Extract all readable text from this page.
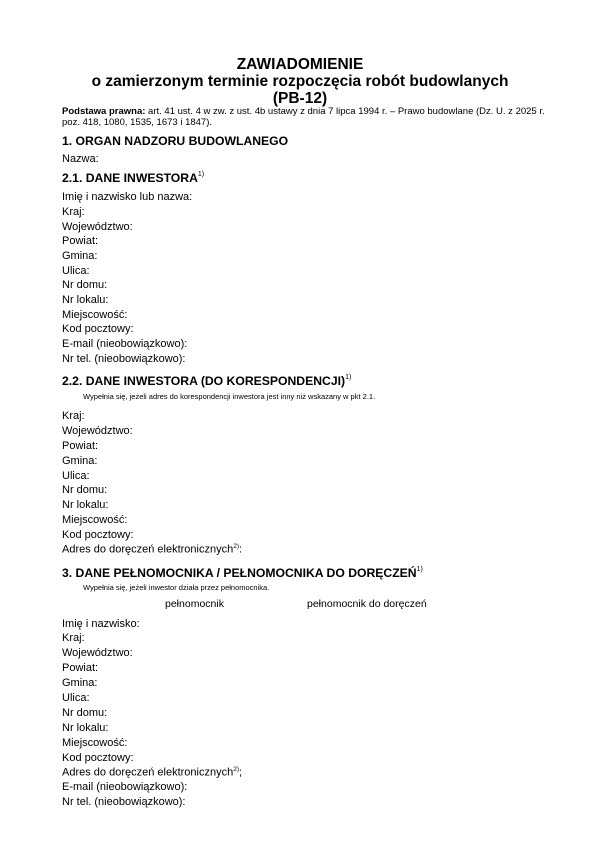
ZAWIADOMIENIE
o zamierzonym terminie rozpoczęcia robót budowlanych
(PB-12)
Podstawa prawna: art. 41 ust. 4 w zw. z ust. 4b ustawy z dnia 7 lipca 1994 r. – Prawo budowlane (Dz. U. z 2025 r. poz. 418, 1080, 1535, 1673 i 1847).
1. ORGAN NADZORU BUDOWLANEGO
Nazwa:
2.1. DANE INWESTORA$^{1)}$
Imię i nazwisko lub nazwa:
Kraj:
Województwo:
Powiat:
Gmina:
Ulica:
Nr domu:
Nr lokalu:
Miejscowość:
Kod pocztowy:
E-mail (nieobowiązkowo):
Nr tel. (nieobowiązkowo):
2.2. DANE INWESTORA (DO KORESPONDENCJI)$^{1)}$
Wypełnia się, jeżeli adres do korespondencji inwestora jest inny niż wskazany w pkt 2.1.
Kraj:
Województwo:
Powiat:
Gmina:
Ulica:
Nr domu:
Nr lokalu:
Miejscowość:
Kod pocztowy:
Adres do doręczeń elektronicznych$^{2)}$:
3. DANE PEŁNOMOCNIKA / PEŁNOMOCNIKA DO DORĘCZEŃ$^{1)}$
Wypełnia się, jeżeli inwestor działa przez pełnomocnika.
pełnomocnik	pełnomocnik do doręczeń
Imię i nazwisko:
Kraj:
Województwo:
Powiat:
Gmina:
Ulica:
Nr domu:
Nr lokalu:
Miejscowość:
Kod pocztowy:
Adres do doręczeń elektronicznych$^{2)}$;
E-mail (nieobowiązkowo):
Nr tel. (nieobowiązkowo):
